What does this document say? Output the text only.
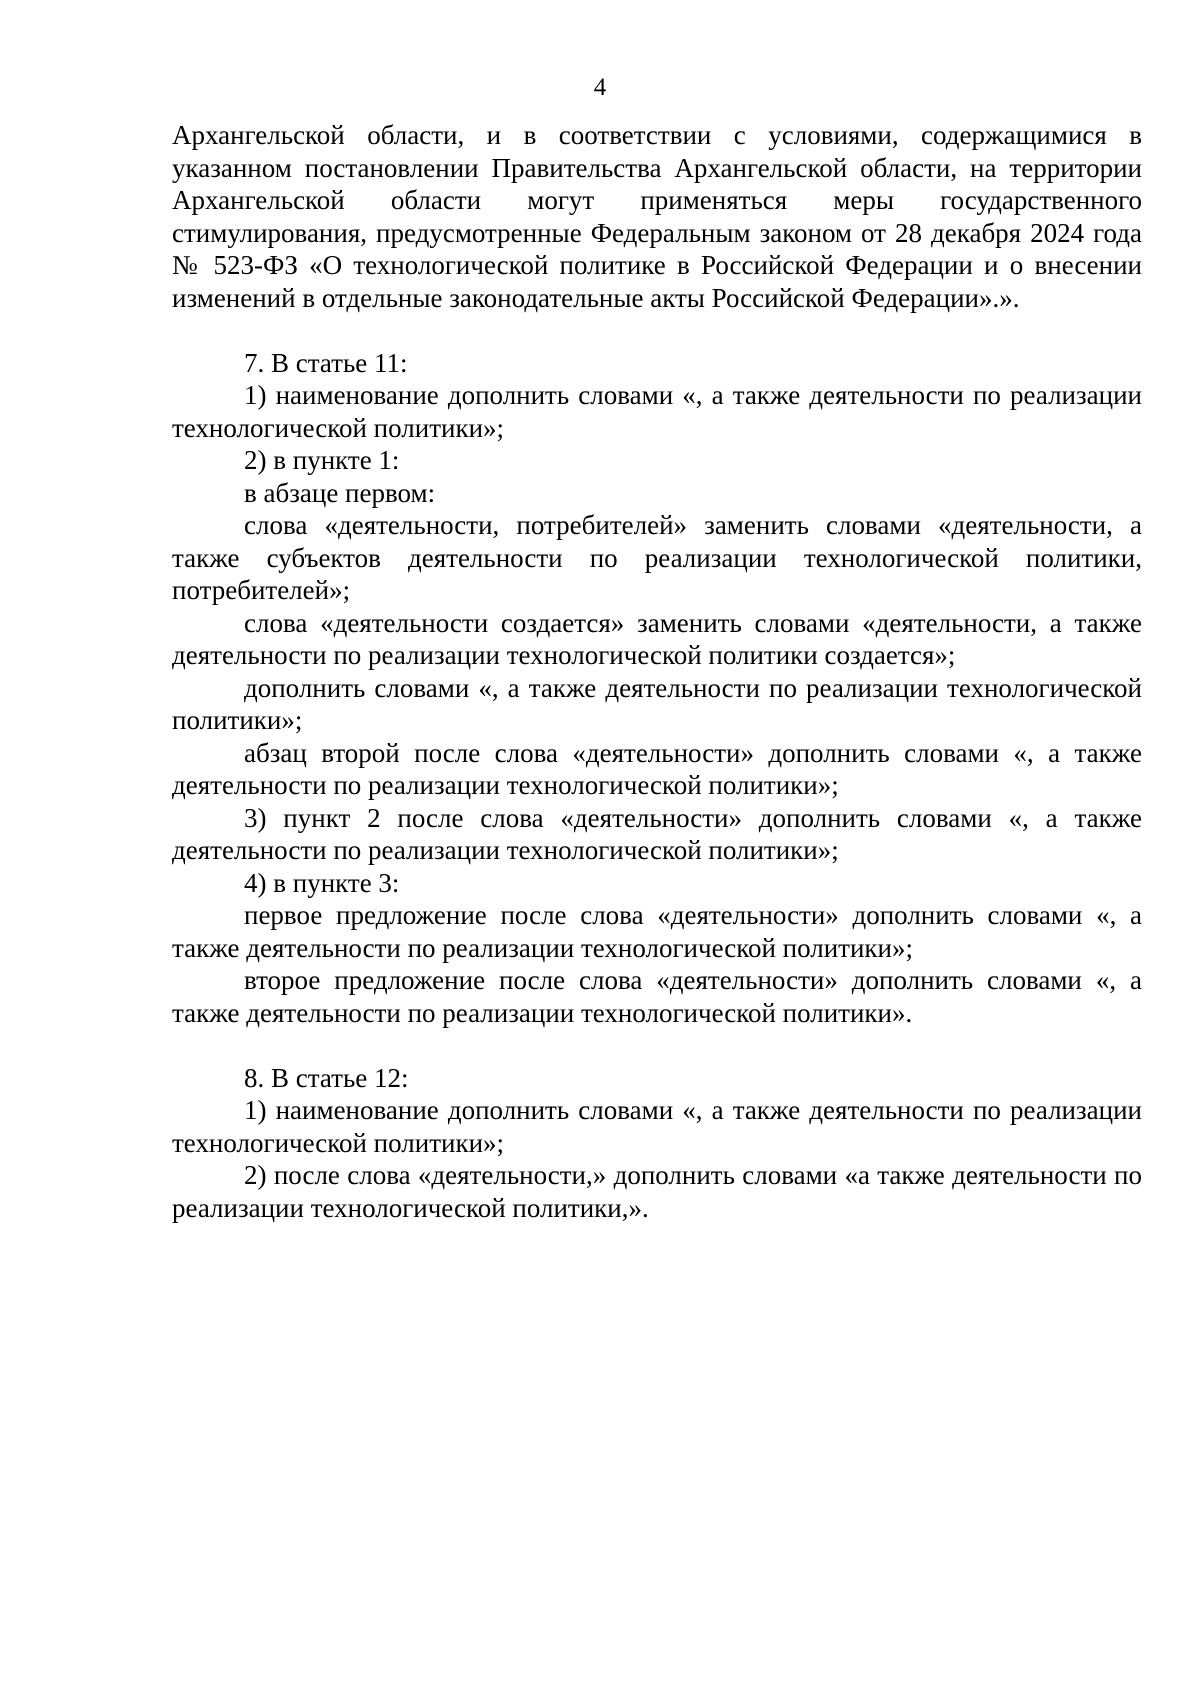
4

Архангельской области, и в соответствии с условиями, содержащимися в указанном постановлении Правительства Архангельской области, на территории Архангельской области могут применяться меры государственного стимулирования, предусмотренные Федеральным законом от 28 декабря 2024 года № 523-ФЗ «О технологической политике в Российской Федерации и о внесении изменений в отдельные законодательные акты Российской Федерации».».

7. В статье 11:

1) наименование дополнить словами «, а также деятельности по реализации технологической политики»;

2) в пункте 1:

в абзаце первом:

слова «деятельности, потребителей» заменить словами «деятельности, а также субъектов деятельности по реализации технологической политики, потребителей»;

слова «деятельности создается» заменить словами «деятельности, а также деятельности по реализации технологической политики создается»;

дополнить словами «, а также деятельности по реализации технологической политики»;

абзац второй после слова «деятельности» дополнить словами «, а также деятельности по реализации технологической политики»;

3) пункт 2 после слова «деятельности» дополнить словами «, а также деятельности по реализации технологической политики»;

4) в пункте 3:

первое предложение после слова «деятельности» дополнить словами «, а также деятельности по реализации технологической политики»;

второе предложение после слова «деятельности» дополнить словами «, а также деятельности по реализации технологической политики».

8. В статье 12:

1) наименование дополнить словами «, а также деятельности по реализации технологической политики»;

2) после слова «деятельности,» дополнить словами «а также деятельности по реализации технологической политики,».
